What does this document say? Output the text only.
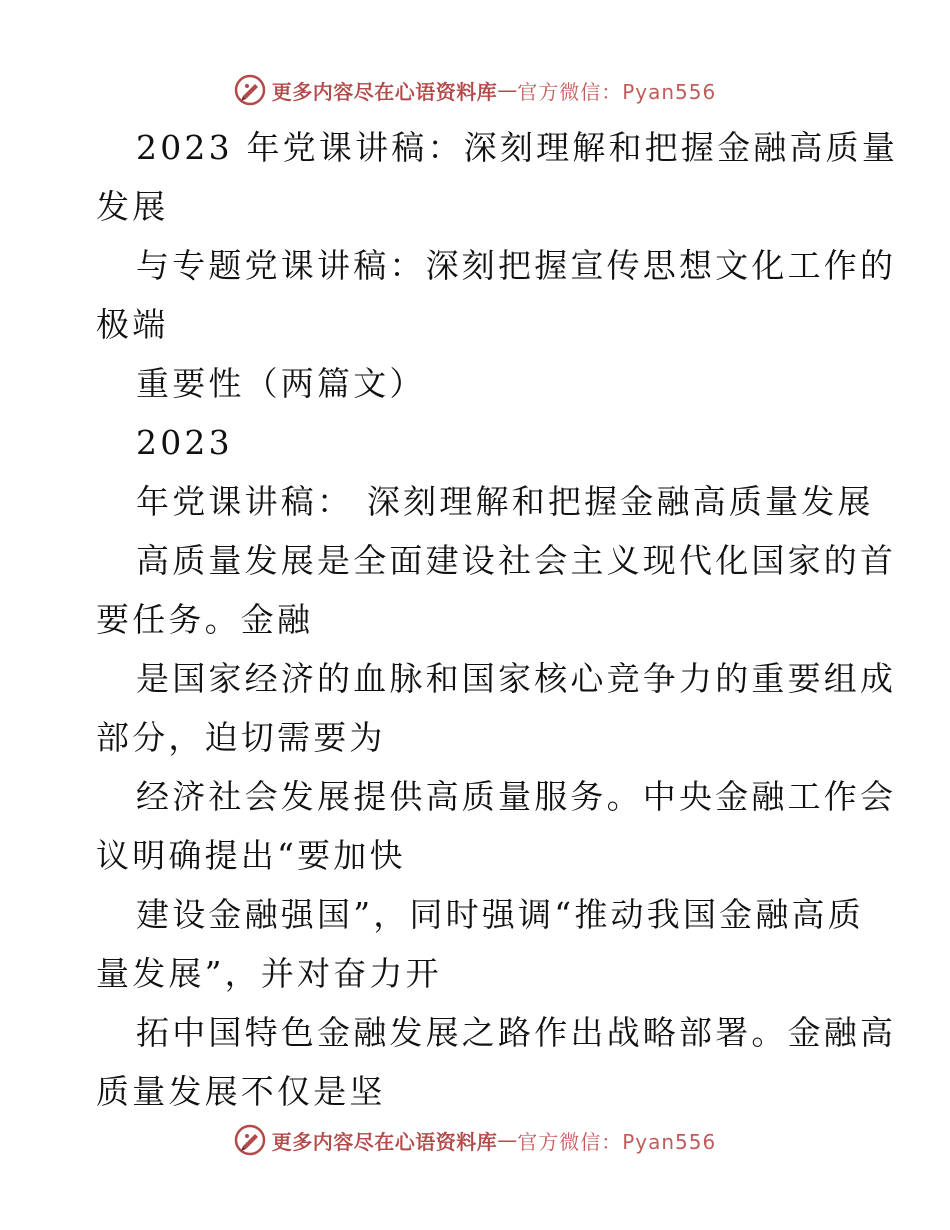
更多内容尽在心语资料库 — 官方微信：Pyan556
2023 年党课讲稿：深刻理解和把握金融高质量
发展
与专题党课讲稿：深刻把握宣传思想文化工作的
极端
重要性（两篇文）
2023
年党课讲稿： 深刻理解和把握金融高质量发展
高质量发展是全面建设社会主义现代化国家的首
要任务。金融
是国家经济的血脉和国家核心竞争力的重要组成
部分，迫切需要为
经济社会发展提供高质量服务。中央金融工作会
议明确提出“要加快
建设金融强国”，同时强调“推动我国金融高质
量发展”，并对奋力开
拓中国特色金融发展之路作出战略部署。金融高
质量发展不仅是坚
更多内容尽在心语资料库 — 官方微信：Pyan556
